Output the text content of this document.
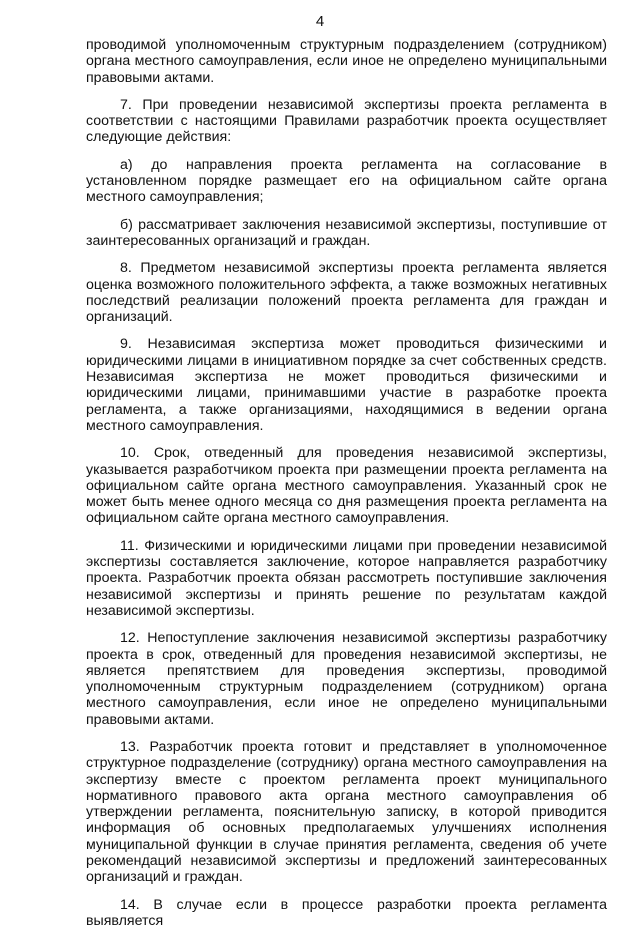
4

проводимой уполномоченным структурным подразделением (сотрудником) органа местного самоуправления, если иное не определено муниципальными правовыми актами.

7. При проведении независимой экспертизы проекта регламента в соответствии с настоящими Правилами разработчик проекта осуществляет следующие действия:

а) до направления проекта регламента на согласование в установленном порядке размещает его на официальном сайте органа местного самоуправления;

б) рассматривает заключения независимой экспертизы, поступившие от заинтересованных организаций и граждан.

8. Предметом независимой экспертизы проекта регламента является оценка возможного положительного эффекта, а также возможных негативных последствий реализации положений проекта регламента для граждан и организаций.

9. Независимая экспертиза может проводиться физическими и юридическими лицами в инициативном порядке за счет собственных средств. Независимая экспертиза не может проводиться физическими и юридическими лицами, принимавшими участие в разработке проекта регламента, а также организациями, находящимися в ведении органа местного самоуправления.

10. Срок, отведенный для проведения независимой экспертизы, указывается разработчиком проекта при размещении проекта регламента на официальном сайте органа местного самоуправления. Указанный срок не может быть менее одного месяца со дня размещения проекта регламента на официальном сайте органа местного самоуправления.

11. Физическими и юридическими лицами при проведении независимой экспертизы составляется заключение, которое направляется разработчику проекта. Разработчик проекта обязан рассмотреть поступившие заключения независимой экспертизы и принять решение по результатам каждой независимой экспертизы.

12. Непоступление заключения независимой экспертизы разработчику проекта в срок, отведенный для проведения независимой экспертизы, не является препятствием для проведения экспертизы, проводимой уполномоченным структурным подразделением (сотрудником) органа местного самоуправления, если иное не определено муниципальными правовыми актами.

13. Разработчик проекта готовит и представляет в уполномоченное структурное подразделение (сотруднику) органа местного самоуправления на экспертизу вместе с проектом регламента проект муниципального нормативного правового акта органа местного самоуправления об утверждении регламента, пояснительную записку, в которой приводится информация об основных предполагаемых улучшениях исполнения муниципальной функции в случае принятия регламента, сведения об учете рекомендаций независимой экспертизы и предложений заинтересованных организаций и граждан.

14. В случае если в процессе разработки проекта регламента выявляется
